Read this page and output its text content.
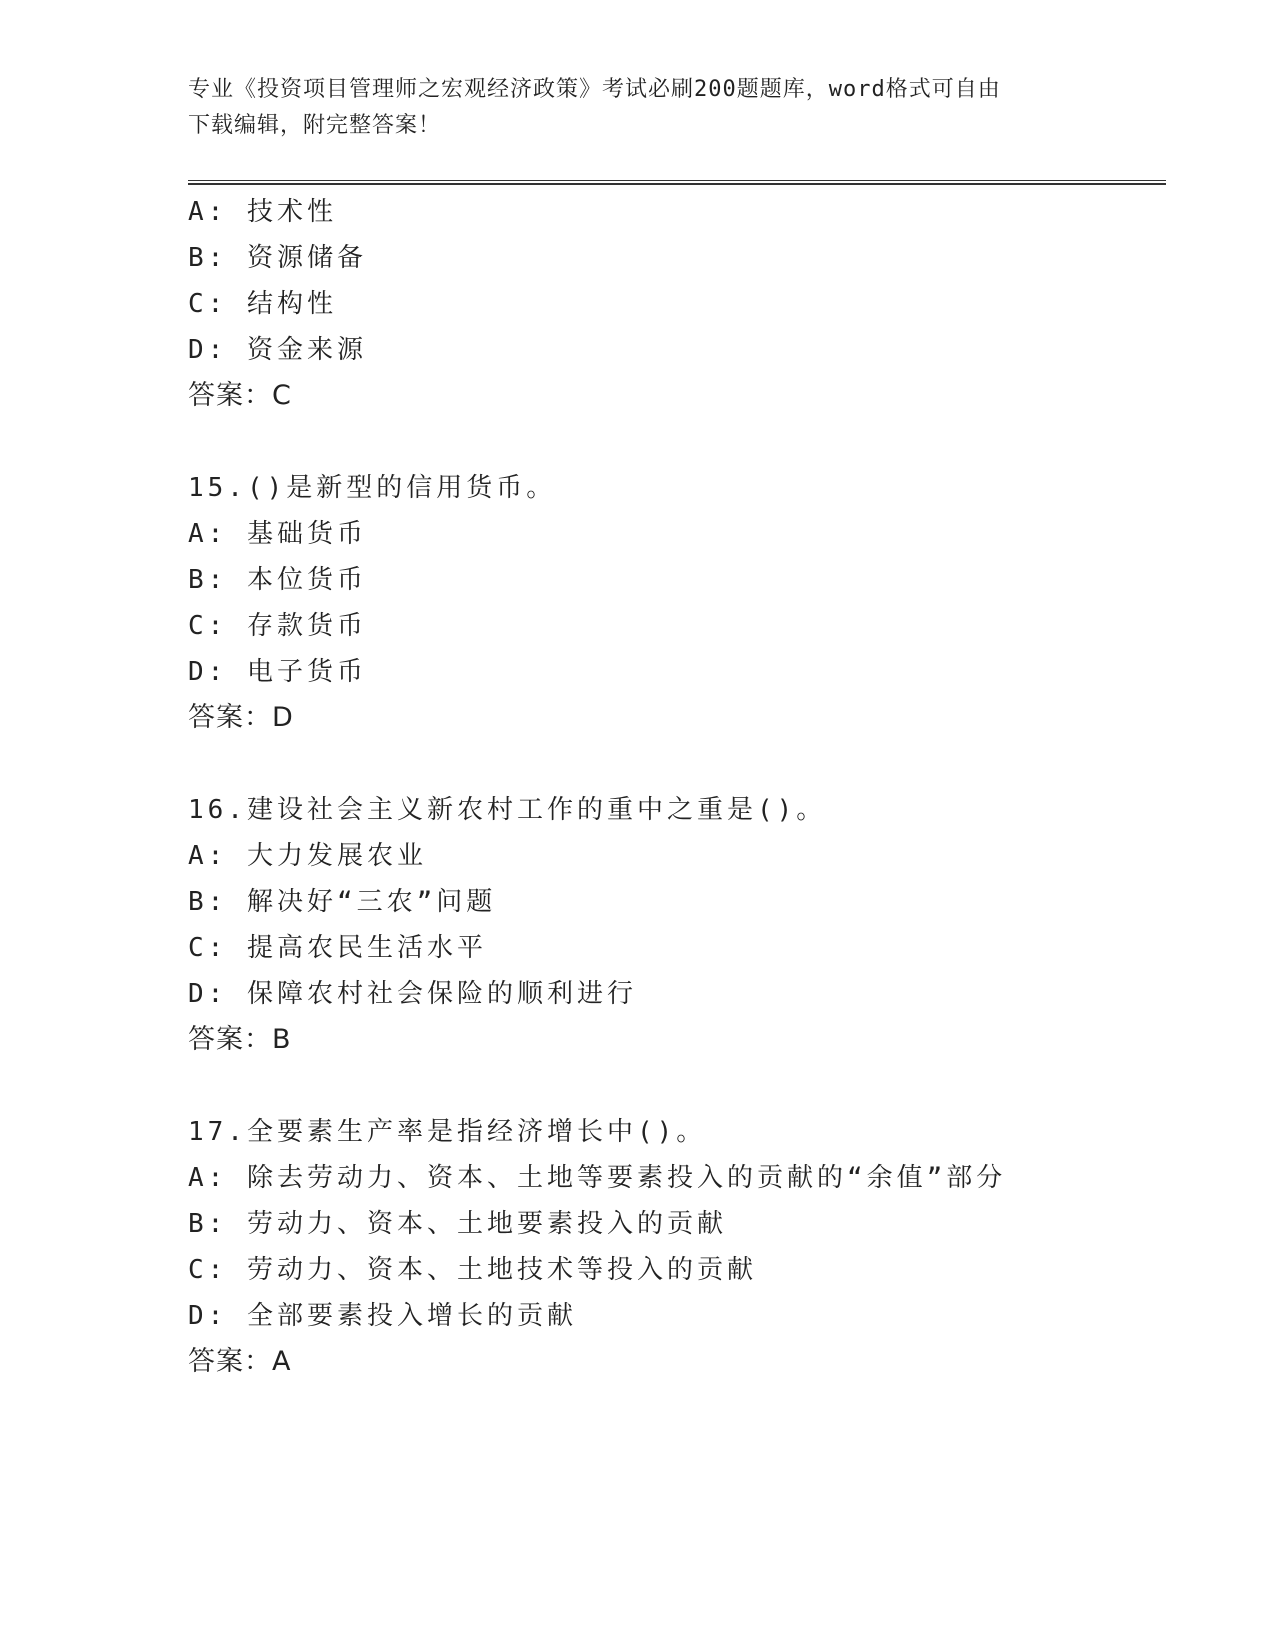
专业《投资项目管理师之宏观经济政策》考试必刷200题题库，word格式可自由
下载编辑，附完整答案！
A: 技术性
B: 资源储备
C: 结构性
D: 资金来源
答案：C
15.()是新型的信用货币。
A: 基础货币
B: 本位货币
C: 存款货币
D: 电子货币
答案：D
16.建设社会主义新农村工作的重中之重是()。
A: 大力发展农业
B: 解决好“三农”问题
C: 提高农民生活水平
D: 保障农村社会保险的顺利进行
答案：B
17.全要素生产率是指经济增长中()。
A: 除去劳动力、资本、土地等要素投入的贡献的“余值”部分
B: 劳动力、资本、土地要素投入的贡献
C: 劳动力、资本、土地技术等投入的贡献
D: 全部要素投入增长的贡献
答案：A
